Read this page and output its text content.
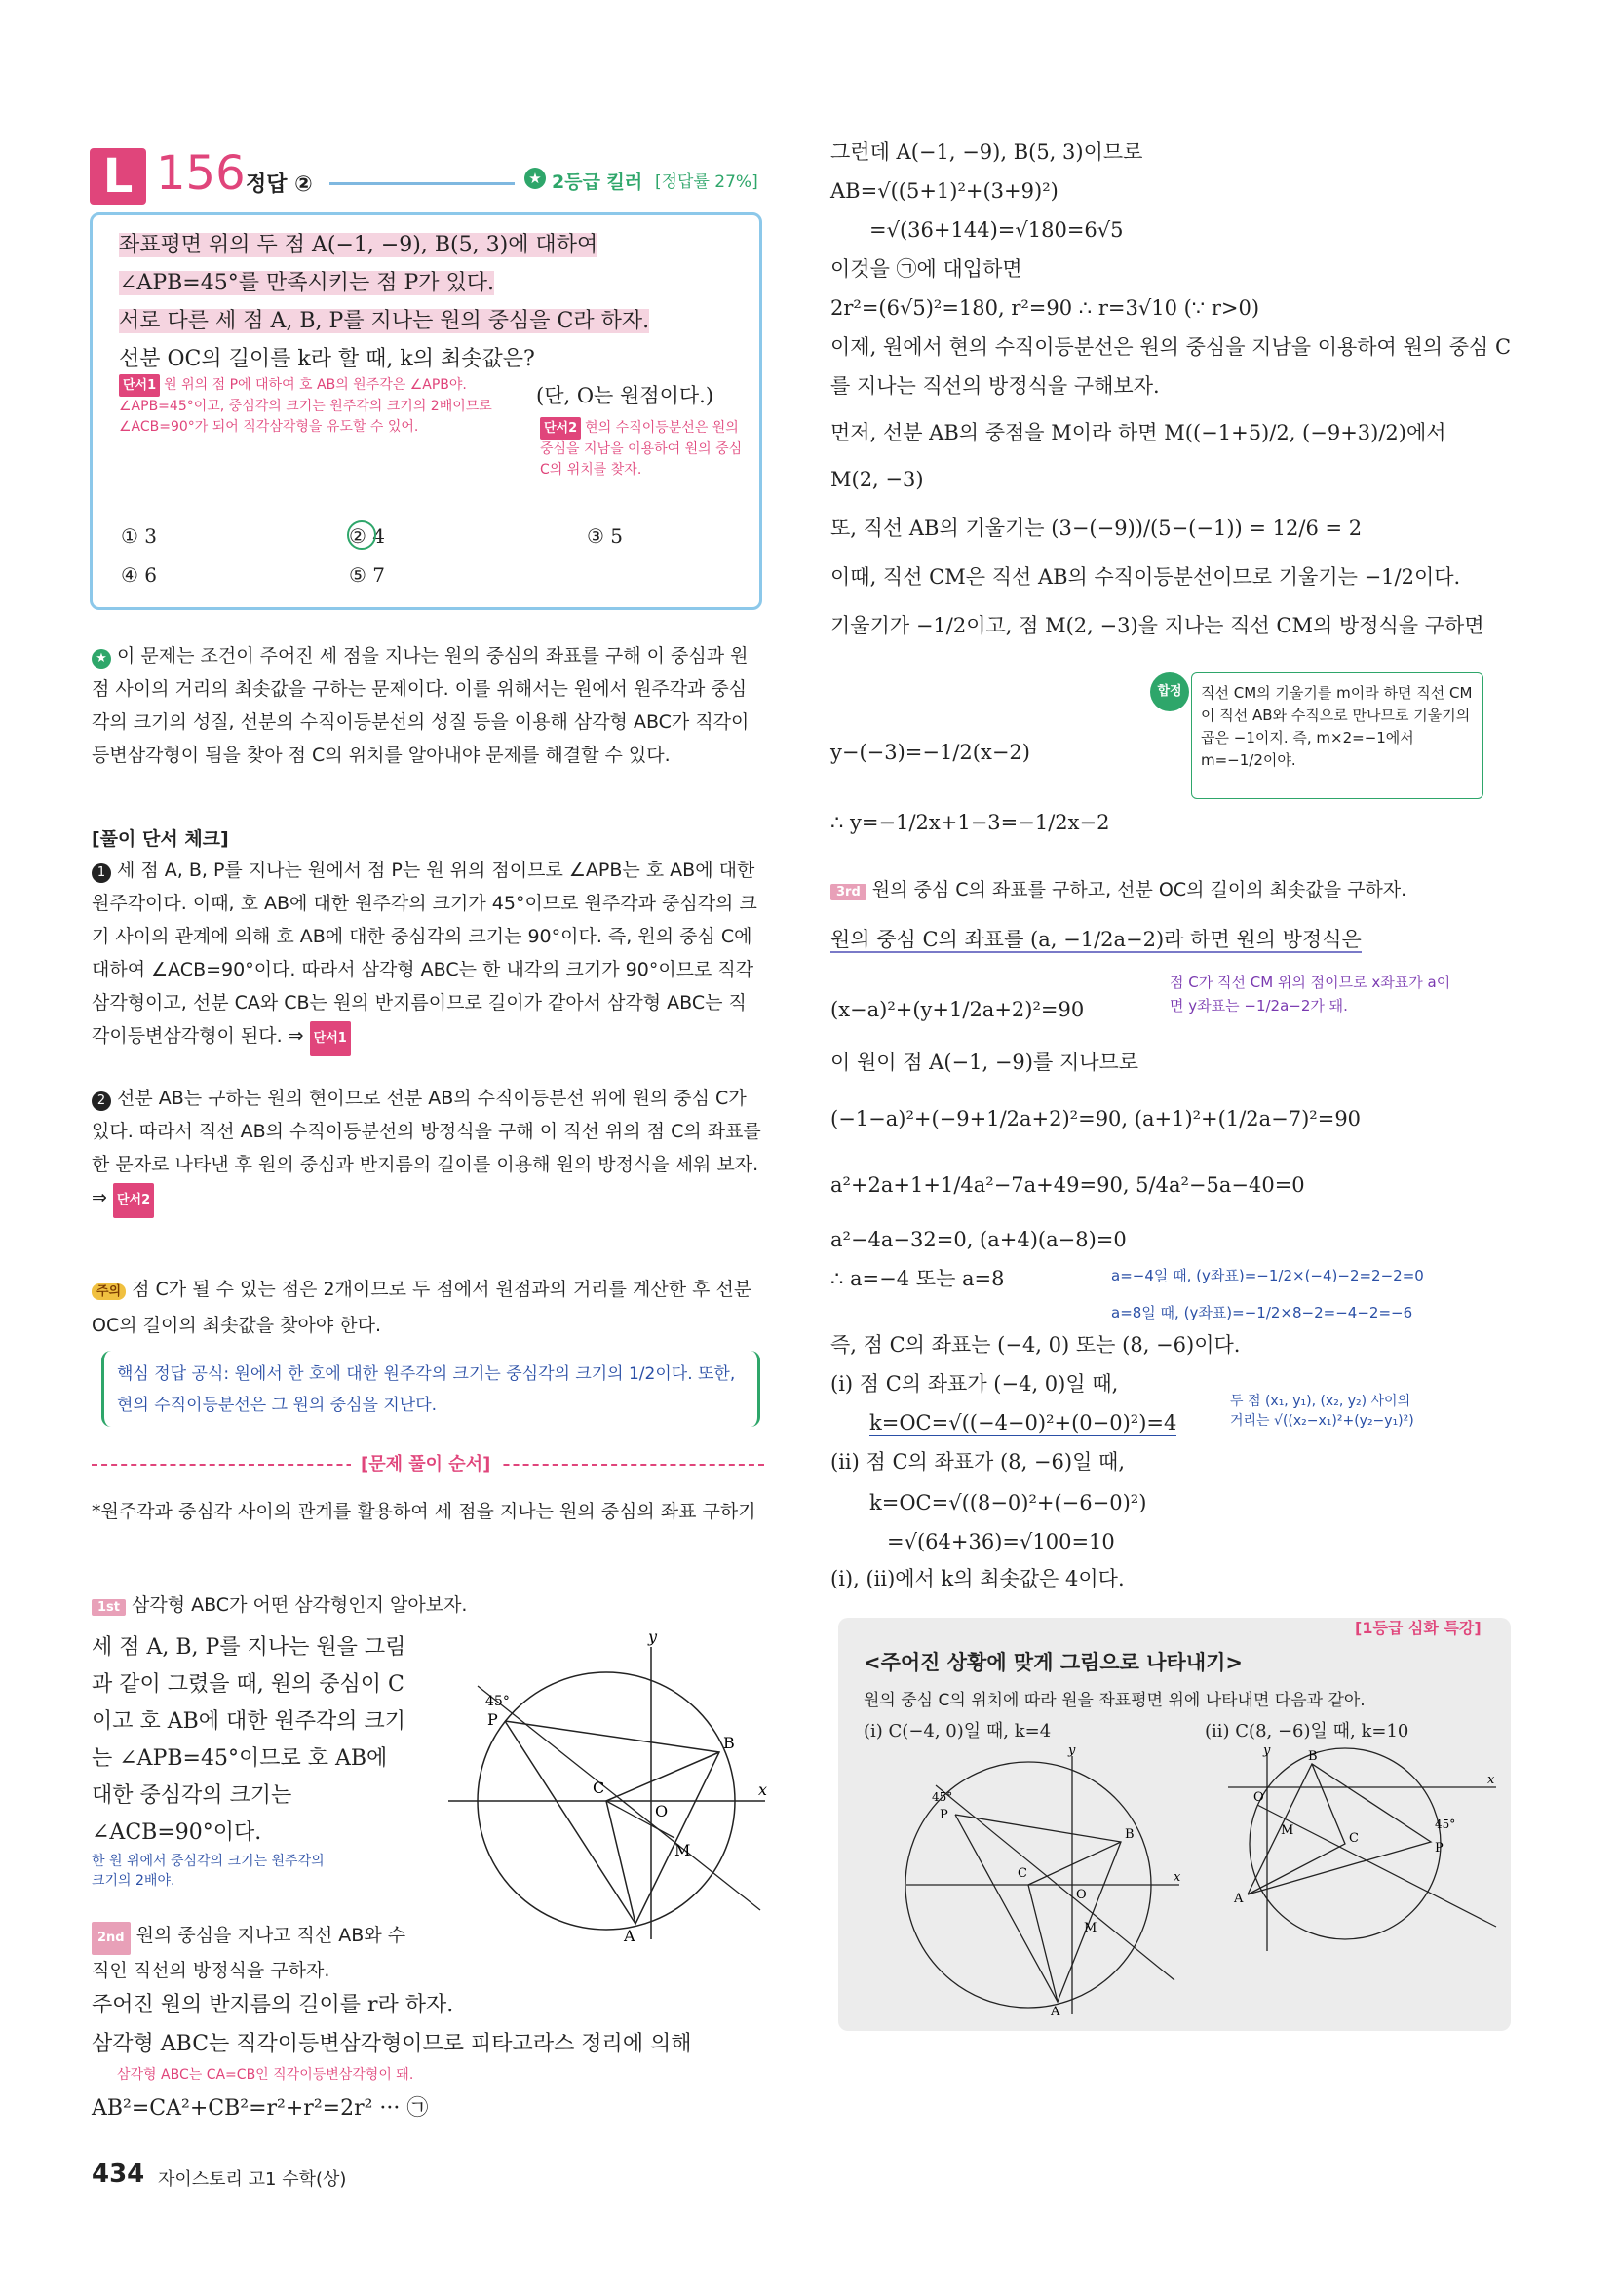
L 156 정답 ②	★ 2등급 킬러 [정답률 27%]
좌표평면 위의 두 점 A(−1, −9), B(5, 3)에 대하여
∠APB=45°를 만족시키는 점 P가 있다.
서로 다른 세 점 A, B, P를 지나는 원의 중심을 C라 하자.
선분 OC의 길이를 k라 할 때, k의 최솟값은?
단서1 원 위의 점 P에 대하여 호 AB의 원주각은 ∠APB야. ∠APB=45°이고, 중심각의 크기는 원주각의 크기의 2배이므로 ∠ACB=90°가 되어 직각삼각형을 유도할 수 있어.
(단, O는 원점이다.)
단서2 현의 수직이등분선은 원의 중심을 지남을 이용하여 원의 중심 C의 위치를 찾자.
① 3	② 4	③ 5
④ 6	⑤ 7
★ 이 문제는 조건이 주어진 세 점을 지나는 원의 중심의 좌표를 구해 이 중심과 원점 사이의 거리의 최솟값을 구하는 문제이다. 이를 위해서는 원에서 원주각과 중심각의 크기의 성질, 선분의 수직이등분선의 성질 등을 이용해 삼각형 ABC가 직각이등변삼각형이 됨을 찾아 점 C의 위치를 알아내야 문제를 해결할 수 있다.
[풀이 단서 체크]
1 세 점 A, B, P를 지나는 원에서 점 P는 원 위의 점이므로 ∠APB는 호 AB에 대한 원주각이다. 이때, 호 AB에 대한 원주각의 크기가 45°이므로 원주각과 중심각의 크기 사이의 관계에 의해 호 AB에 대한 중심각의 크기는 90°이다. 즉, 원의 중심 C에 대하여 ∠ACB=90°이다. 따라서 삼각형 ABC는 한 내각의 크기가 90°이므로 직각삼각형이고, 선분 CA와 CB는 원의 반지름이므로 길이가 같아서 삼각형 ABC는 직각이등변삼각형이 된다. ⇒ 단서1
2 선분 AB는 구하는 원의 현이므로 선분 AB의 수직이등분선 위에 원의 중심 C가 있다. 따라서 직선 AB의 수직이등분선의 방정식을 구해 이 직선 위의 점 C의 좌표를 한 문자로 나타낸 후 원의 중심과 반지름의 길이를 이용해 원의 방정식을 세워 보자. ⇒ 단서2
주의 점 C가 될 수 있는 점은 2개이므로 두 점에서 원점과의 거리를 계산한 후 선분 OC의 길이의 최솟값을 찾아야 한다.
핵심 정답 공식: 원에서 한 호에 대한 원주각의 크기는 중심각의 크기의 1/2이다. 또한, 현의 수직이등분선은 그 원의 중심을 지난다.
[문제 풀이 순서]
*원주각과 중심각 사이의 관계를 활용하여 세 점을 지나는 원의 중심의 좌표 구하기
1st 삼각형 ABC가 어떤 삼각형인지 알아보자.
세 점 A, B, P를 지나는 원을 그림과 같이 그렸을 때, 원의 중심이 C이고 호 AB에 대한 원주각의 크기는 ∠APB=45°이므로 호 AB에 대한 중심각의 크기는 ∠ACB=90°이다.
한 원 위에서 중심각의 크기는 원주각의 크기의 2배야.
y
x
O
P
45°
B
C
A
M
2nd 원의 중심을 지나고 직선 AB와 수직인 직선의 방정식을 구하자.
주어진 원의 반지름의 길이를 r라 하자.
삼각형 ABC는 직각이등변삼각형이므로 피타고라스 정리에 의해
삼각형 ABC는 CA=CB인 직각이등변삼각형이 돼.
AB²=CA²+CB²=r²+r²=2r² ··· ㉠
434 자이스토리 고1 수학(상)
그런데 A(−1, −9), B(5, 3)이므로
AB=√((5+1)²+(3+9)²)
=√(36+144)=√180=6√5
이것을 ㉠에 대입하면
2r²=(6√5)²=180, r²=90 ∴ r=3√10 (∵ r>0)
이제, 원에서 현의 수직이등분선은 원의 중심을 지남을 이용하여 원의 중심 C를 지나는 직선의 방정식을 구해보자.
먼저, 선분 AB의 중점을 M이라 하면 M((−1+5)/2, (−9+3)/2)에서
M(2, −3)
또, 직선 AB의 기울기는 (3−(−9))/(5−(−1)) = 12/6 = 2
이때, 직선 CM은 직선 AB의 수직이등분선이므로 기울기는 −1/2이다.
기울기가 −1/2이고, 점 M(2, −3)을 지나는 직선 CM의 방정식을 구하면
합정	직선 CM의 기울기를 m이라 하면 직선 CM이 직선 AB와 수직으로 만나므로 기울기의 곱은 −1이지. 즉, m×2=−1에서 m=−1/2이야.
y−(−3)=−1/2(x−2)
∴ y=−1/2x+1−3=−1/2x−2
3rd 원의 중심 C의 좌표를 구하고, 선분 OC의 길이의 최솟값을 구하자.
원의 중심 C의 좌표를 (a, −1/2a−2)라 하면 원의 방정식은
점 C가 직선 CM 위의 점이므로 x좌표가 a이면 y좌표는 −1/2a−2가 돼.
(x−a)²+(y+1/2a+2)²=90
이 원이 점 A(−1, −9)를 지나므로
(−1−a)²+(−9+1/2a+2)²=90, (a+1)²+(1/2a−7)²=90
a²+2a+1+1/4a²−7a+49=90, 5/4a²−5a−40=0
a²−4a−32=0, (a+4)(a−8)=0
∴ a=−4 또는 a=8	a=−4일 때, (y좌표)=−1/2×(−4)−2=2−2=0
a=8일 때, (y좌표)=−1/2×8−2=−4−2=−6
즉, 점 C의 좌표는 (−4, 0) 또는 (8, −6)이다.
(i) 점 C의 좌표가 (−4, 0)일 때,
k=OC=√((−4−0)²+(0−0)²)=4
두 점 (x₁, y₁), (x₂, y₂) 사이의 거리는 √((x₂−x₁)²+(y₂−y₁)²)
(ii) 점 C의 좌표가 (8, −6)일 때,
k=OC=√((8−0)²+(−6−0)²)
=√(64+36)=√100=10
(i), (ii)에서 k의 최솟값은 4이다.
[1등급 심화 특강]
<주어진 상황에 맞게 그림으로 나타내기>
원의 중심 C의 위치에 따라 원을 좌표평면 위에 나타내면 다음과 같아.
(i) C(−4, 0)일 때, k=4	(ii) C(8, −6)일 때, k=10
y
x
O
P
45°
B
C
A
M
y
x
O
B
C
P
45°
A
M
